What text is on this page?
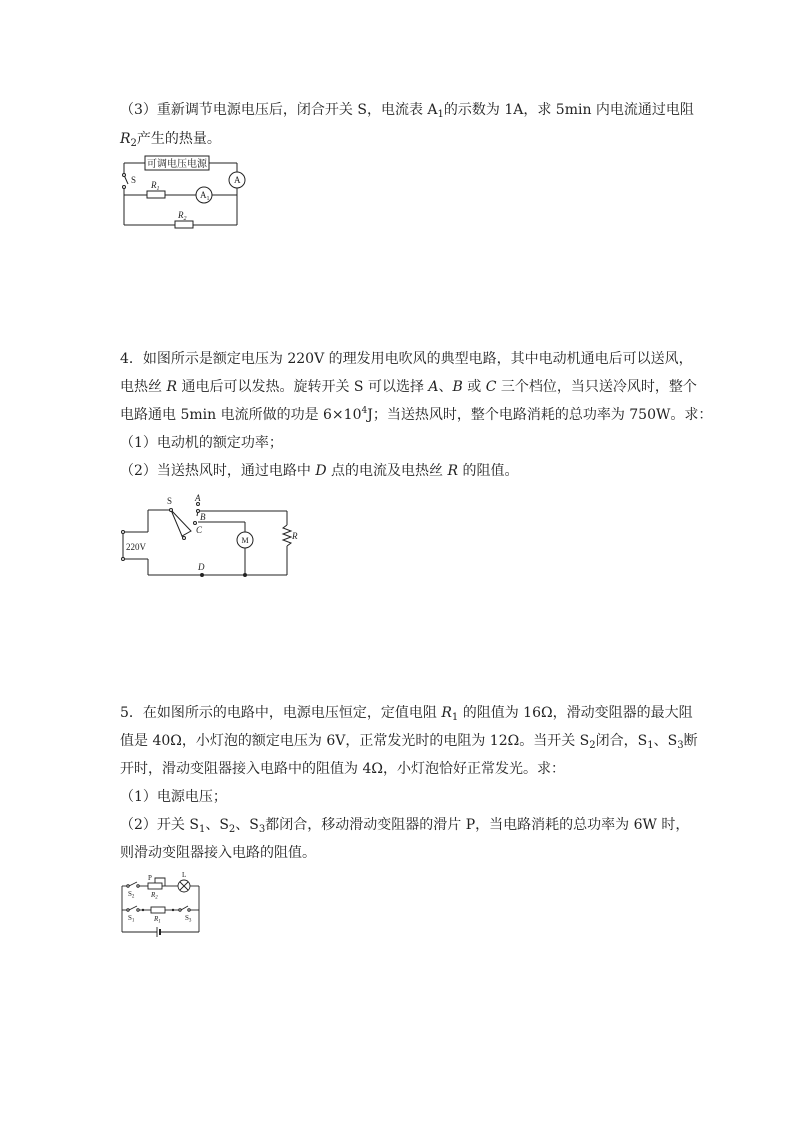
（3）重新调节电源电压后，闭合开关 S，电流表 $A_1$的示数为 1A，求 5min 内电流通过电阻
$R_2$产生的热量。
可调电压电源
S $R_1$
$A_1$
A
$R_2$
4．如图所示是额定电压为 220V 的理发用电吹风的典型电路，其中电动机通电后可以送风，
电热丝 R 通电后可以发热。旋转开关 S 可以选择 A、B 或 C 三个档位，当只送冷风时，整个
电路通电 5min 电流所做的功是 $6\times 10^4J$；当送热风时，整个电路消耗的总功率为 750W。求：
（1）电动机的额定功率；
（2）当送热风时，通过电路中 D 点的电流及电热丝 R 的阻值。
S	A
B
C
D
M	R
220V
5．在如图所示的电路中，电源电压恒定，定值电阻 $R_1$ 的阻值为 16Ω，滑动变阻器的最大阻
值是 40Ω，小灯泡的额定电压为 6V，正常发光时的电阻为 12Ω。当开关 $S_2$闭合，$S_1$、$S_3$断
开时，滑动变阻器接入电路中的阻值为 4Ω，小灯泡恰好正常发光。求：
（1）电源电压；
（2）开关 $S_1$、$S_2$、$S_3$都闭合，移动滑动变阻器的滑片 P，当电路消耗的总功率为 6W 时，
则滑动变阻器接入电路的阻值。
P	L
$S_2$ $R_2$
$S_1$	$R_1$	$S_3$
